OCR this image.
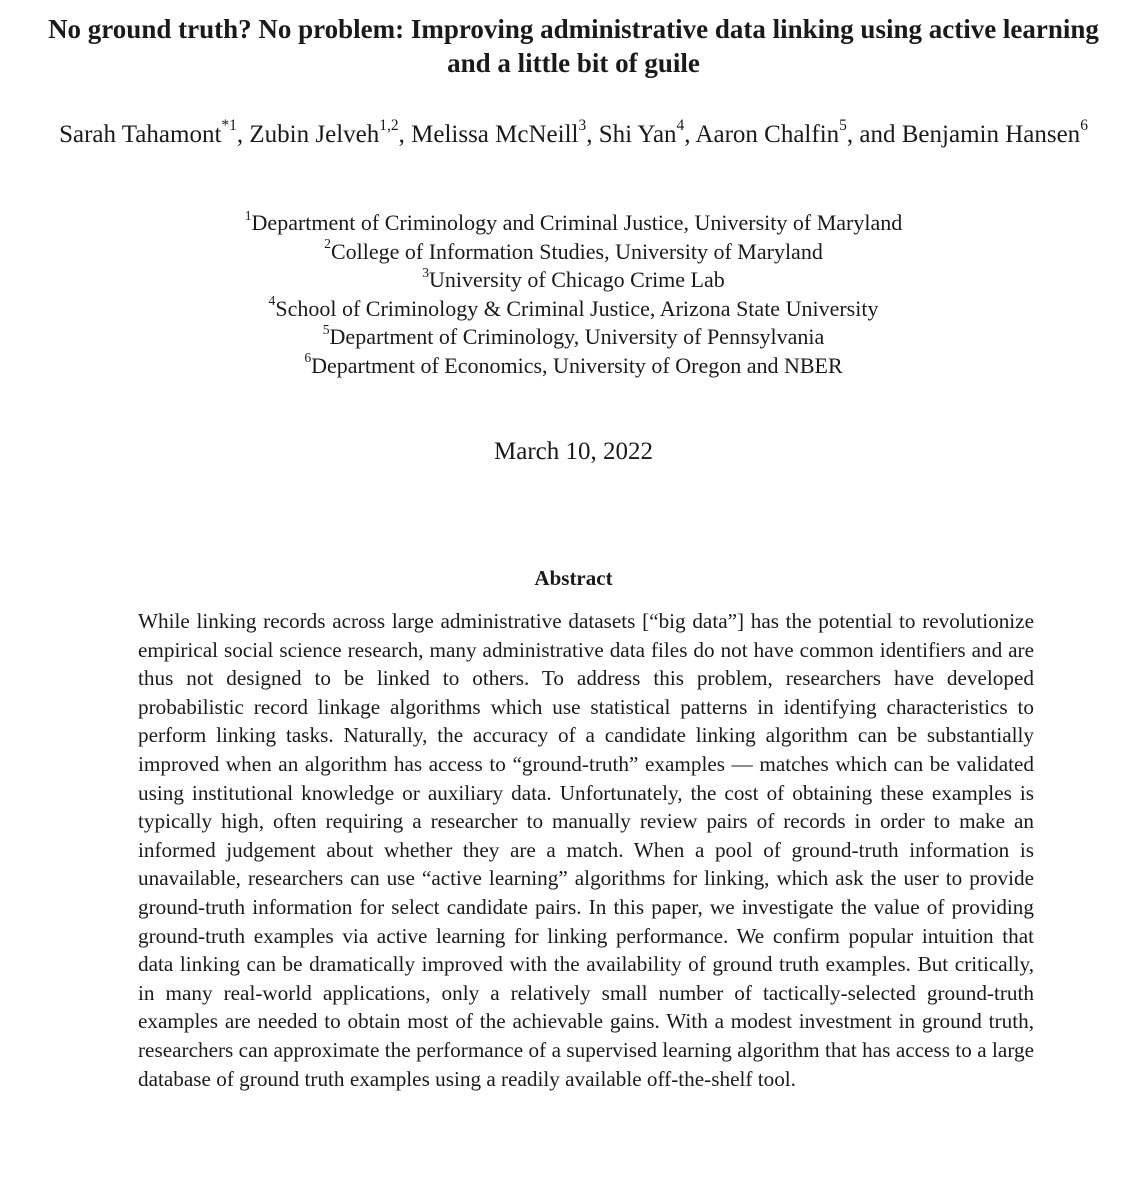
No ground truth? No problem: Improving administrative data linking using active learning and a little bit of guile
Sarah Tahamont$^{*1}$, Zubin Jelveh$^{1,2}$, Melissa McNeill$^3$, Shi Yan$^4$, Aaron Chalfin$^5$, and Benjamin Hansen$^6$
$^1$Department of Criminology and Criminal Justice, University of Maryland
$^2$College of Information Studies, University of Maryland
$^3$University of Chicago Crime Lab
$^4$School of Criminology & Criminal Justice, Arizona State University
$^5$Department of Criminology, University of Pennsylvania
$^6$Department of Economics, University of Oregon and NBER
March 10, 2022
Abstract
While linking records across large administrative datasets [“big data”] has the potential to revolutionize empirical social science research, many administrative data files do not have common identifiers and are thus not designed to be linked to others. To address this problem, researchers have developed probabilistic record linkage algorithms which use statistical patterns in identifying characteristics to perform linking tasks. Naturally, the accuracy of a candidate linking algorithm can be substantially improved when an algorithm has access to “ground-truth” examples — matches which can be validated using institutional knowledge or auxiliary data. Unfortunately, the cost of obtaining these examples is typically high, often requiring a researcher to manually review pairs of records in order to make an informed judgement about whether they are a match. When a pool of ground-truth information is unavailable, researchers can use “active learning” algorithms for linking, which ask the user to provide ground-truth information for select candidate pairs. In this paper, we investigate the value of providing ground-truth examples via active learning for linking performance. We confirm popular intuition that data linking can be dramatically improved with the availability of ground truth examples. But critically, in many real-world applications, only a relatively small number of tactically-selected ground-truth examples are needed to obtain most of the achievable gains. With a modest investment in ground truth, researchers can approximate the performance of a supervised learning algorithm that has access to a large database of ground truth examples using a readily available off-the-shelf tool.
